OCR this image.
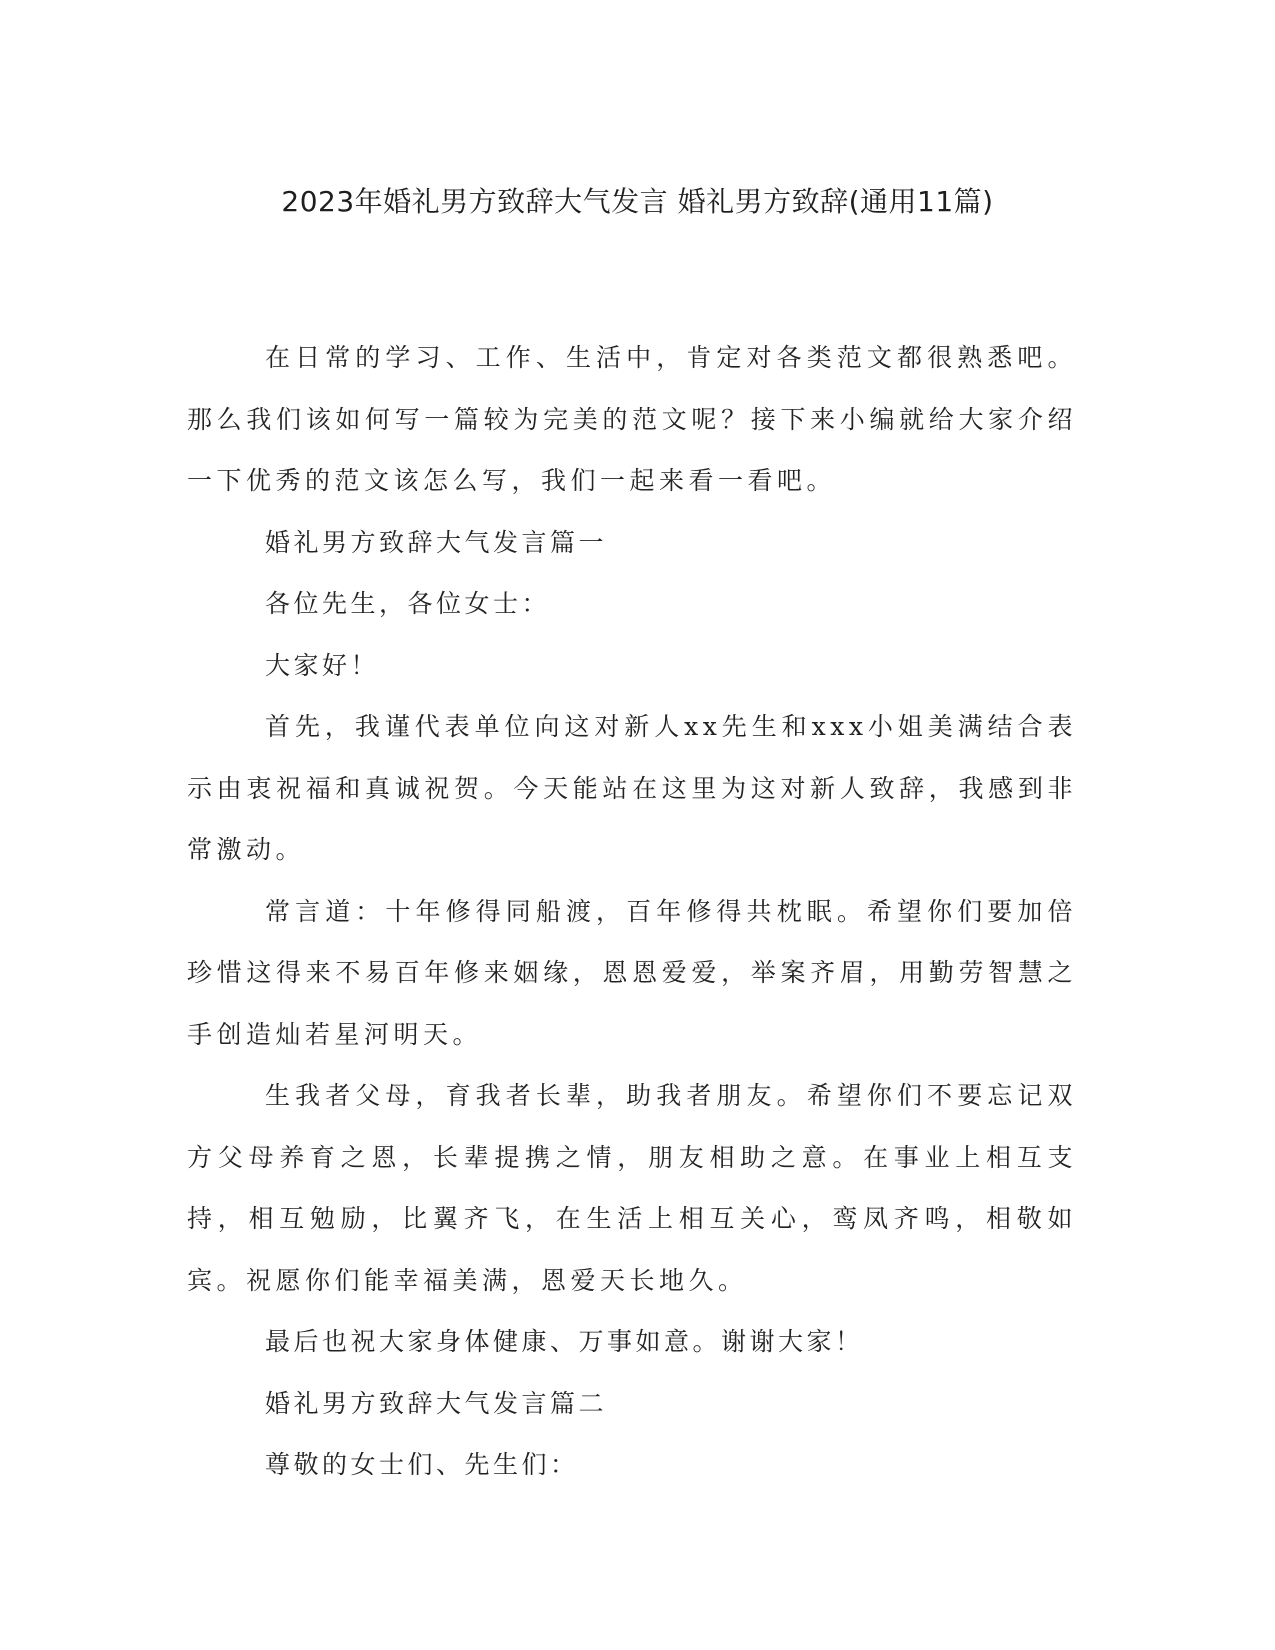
2023年婚礼男方致辞大气发言 婚礼男方致辞(通用11篇)

在日常的学习、工作、生活中，肯定对各类范文都很熟悉吧。那么我们该如何写一篇较为完美的范文呢？接下来小编就给大家介绍一下优秀的范文该怎么写，我们一起来看一看吧。

婚礼男方致辞大气发言篇一

各位先生，各位女士：

大家好！

首先，我谨代表单位向这对新人xx先生和xxx小姐美满结合表示由衷祝福和真诚祝贺。今天能站在这里为这对新人致辞，我感到非常激动。

常言道：十年修得同船渡，百年修得共枕眠。希望你们要加倍珍惜这得来不易百年修来姻缘，恩恩爱爱，举案齐眉，用勤劳智慧之手创造灿若星河明天。

生我者父母，育我者长辈，助我者朋友。希望你们不要忘记双方父母养育之恩，长辈提携之情，朋友相助之意。在事业上相互支持，相互勉励，比翼齐飞，在生活上相互关心，鸾凤齐鸣，相敬如宾。祝愿你们能幸福美满，恩爱天长地久。

最后也祝大家身体健康、万事如意。谢谢大家！

婚礼男方致辞大气发言篇二

尊敬的女士们、先生们：
